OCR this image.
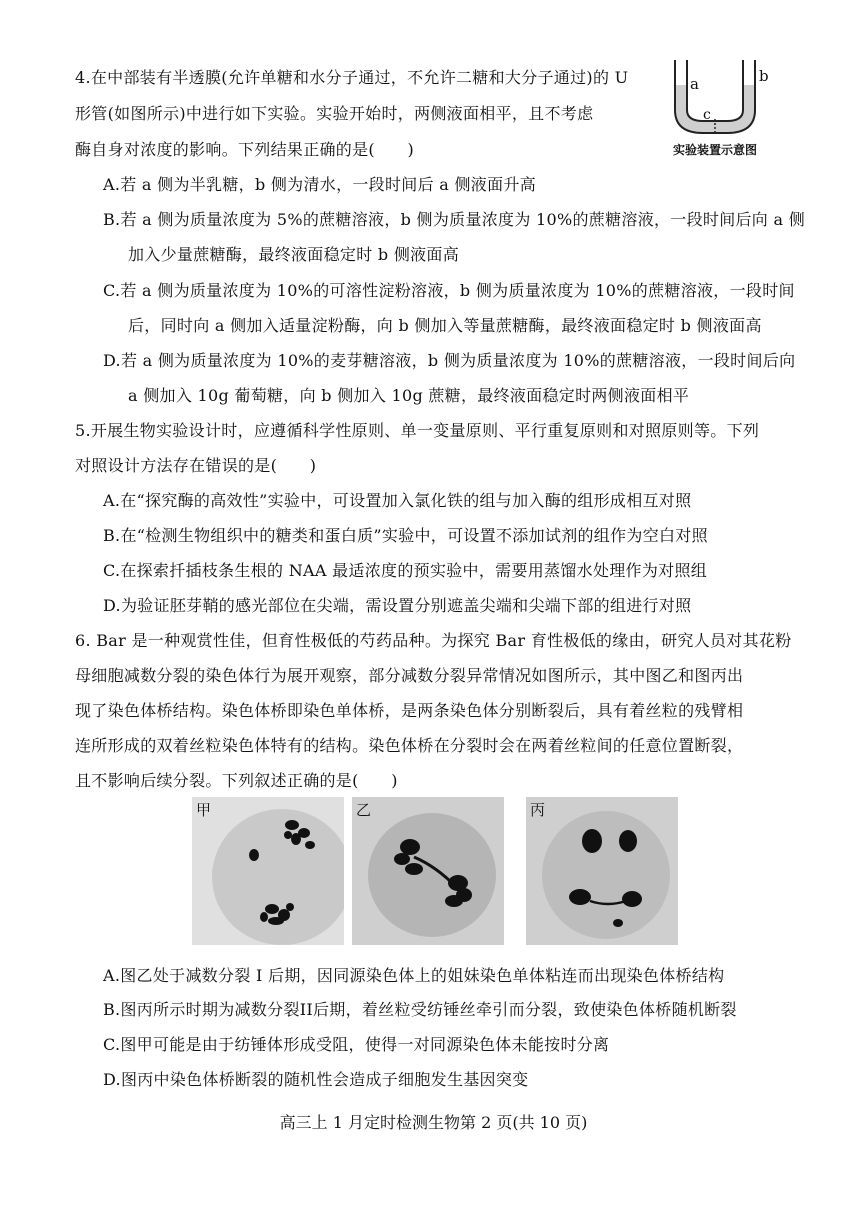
4.在中部装有半透膜(允许单糖和水分子通过，不允许二糖和大分子通过)的 U
形管(如图所示)中进行如下实验。实验开始时，两侧液面相平，且不考虑
酶自身对浓度的影响。下列结果正确的是(　　)
a	b
c
实验装置示意图
A.若 a 侧为半乳糖，b 侧为清水，一段时间后 a 侧液面升高
B.若 a 侧为质量浓度为 5%的蔗糖溶液，b 侧为质量浓度为 10%的蔗糖溶液，一段时间后向 a 侧
加入少量蔗糖酶，最终液面稳定时 b 侧液面高
C.若 a 侧为质量浓度为 10%的可溶性淀粉溶液，b 侧为质量浓度为 10%的蔗糖溶液，一段时间
后，同时向 a 侧加入适量淀粉酶，向 b 侧加入等量蔗糖酶，最终液面稳定时 b 侧液面高
D.若 a 侧为质量浓度为 10%的麦芽糖溶液，b 侧为质量浓度为 10%的蔗糖溶液，一段时间后向
a 侧加入 10g 葡萄糖，向 b 侧加入 10g 蔗糖，最终液面稳定时两侧液面相平
5.开展生物实验设计时，应遵循科学性原则、单一变量原则、平行重复原则和对照原则等。下列
对照设计方法存在错误的是(　　)
A.在“探究酶的高效性”实验中，可设置加入氯化铁的组与加入酶的组形成相互对照
B.在“检测生物组织中的糖类和蛋白质”实验中，可设置不添加试剂的组作为空白对照
C.在探索扦插枝条生根的 NAA 最适浓度的预实验中，需要用蒸馏水处理作为对照组
D.为验证胚芽鞘的感光部位在尖端，需设置分别遮盖尖端和尖端下部的组进行对照
6. Bar 是一种观赏性佳，但育性极低的芍药品种。为探究 Bar 育性极低的缘由，研究人员对其花粉
母细胞减数分裂的染色体行为展开观察，部分减数分裂异常情况如图所示，其中图乙和图丙出
现了染色体桥结构。染色体桥即染色单体桥，是两条染色体分别断裂后，具有着丝粒的残臂相
连所形成的双着丝粒染色体特有的结构。染色体桥在分裂时会在两着丝粒间的任意位置断裂，
且不影响后续分裂。下列叙述正确的是(　　)
甲	乙	丙
A.图乙处于减数分裂 I 后期，因同源染色体上的姐妹染色单体粘连而出现染色体桥结构
B.图丙所示时期为减数分裂II后期，着丝粒受纺锤丝牵引而分裂，致使染色体桥随机断裂
C.图甲可能是由于纺锤体形成受阻，使得一对同源染色体未能按时分离
D.图丙中染色体桥断裂的随机性会造成子细胞发生基因突变
高三上 1 月定时检测生物第 2 页(共 10 页)
